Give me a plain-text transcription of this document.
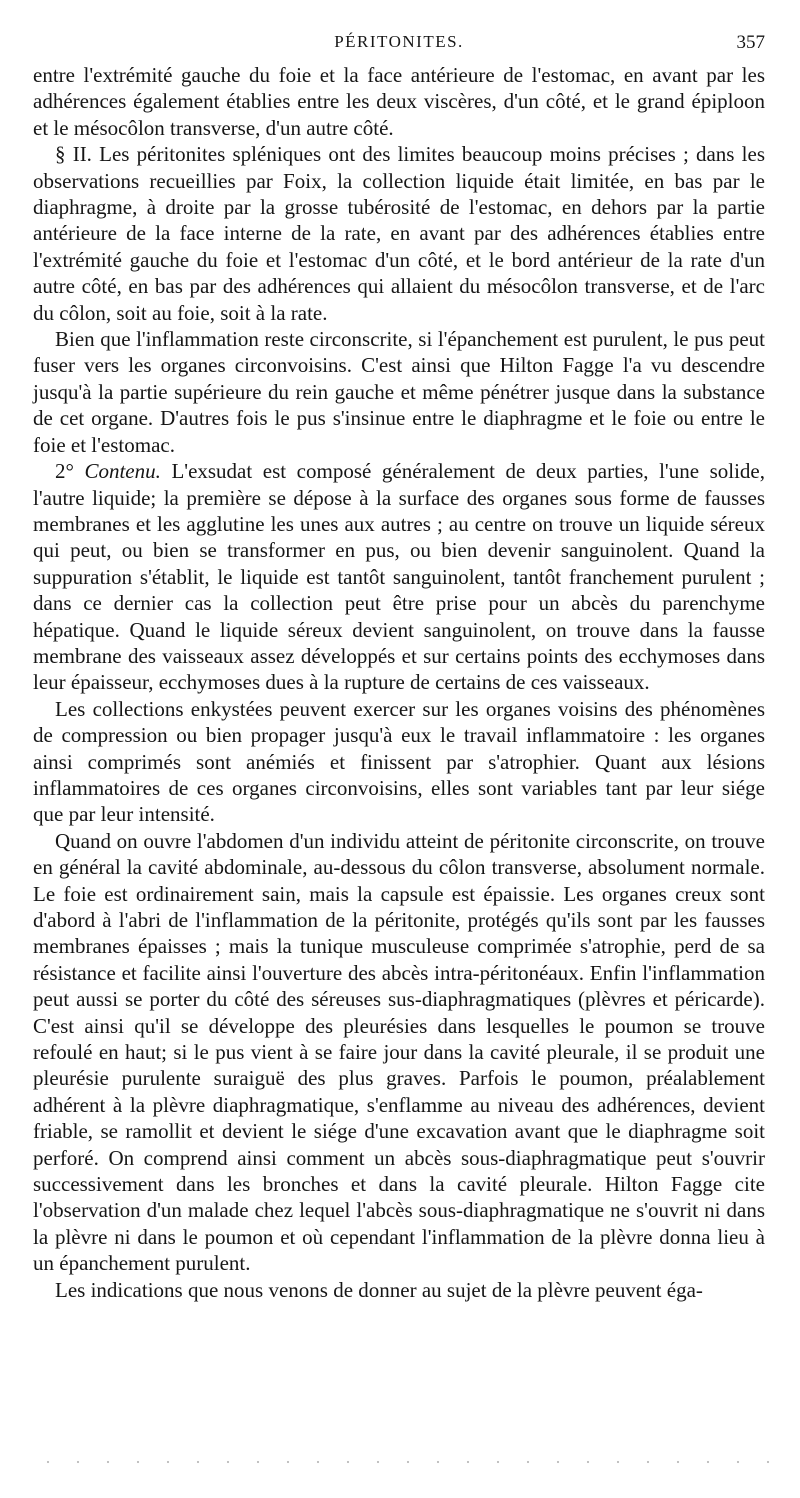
PÉRITONITES.	357

entre l'extrémité gauche du foie et la face antérieure de l'estomac, en avant par les adhérences également établies entre les deux viscères, d'un côté, et le grand épiploon et le mésocôlon transverse, d'un autre côté.

§ II. Les péritonites spléniques ont des limites beaucoup moins précises ; dans les observations recueillies par Foix, la collection liquide était limitée, en bas par le diaphragme, à droite par la grosse tubérosité de l'estomac, en dehors par la partie antérieure de la face interne de la rate, en avant par des adhérences établies entre l'extrémité gauche du foie et l'estomac d'un côté, et le bord antérieur de la rate d'un autre côté, en bas par des adhérences qui allaient du mésocôlon transverse, et de l'arc du côlon, soit au foie, soit à la rate.

Bien que l'inflammation reste circonscrite, si l'épanchement est purulent, le pus peut fuser vers les organes circonvoisins. C'est ainsi que Hilton Fagge l'a vu descendre jusqu'à la partie supérieure du rein gauche et même pénétrer jusque dans la substance de cet organe. D'autres fois le pus s'insinue entre le diaphragme et le foie ou entre le foie et l'estomac.

2° Contenu. L'exsudat est composé généralement de deux parties, l'une solide, l'autre liquide; la première se dépose à la surface des organes sous forme de fausses membranes et les agglutine les unes aux autres ; au centre on trouve un liquide séreux qui peut, ou bien se transformer en pus, ou bien devenir sanguinolent. Quand la suppuration s'établit, le liquide est tantôt sanguinolent, tantôt franchement purulent ; dans ce dernier cas la collection peut être prise pour un abcès du parenchyme hépatique. Quand le liquide séreux devient sanguinolent, on trouve dans la fausse membrane des vaisseaux assez développés et sur certains points des ecchymoses dans leur épaisseur, ecchymoses dues à la rupture de certains de ces vaisseaux.

Les collections enkystées peuvent exercer sur les organes voisins des phénomènes de compression ou bien propager jusqu'à eux le travail inflammatoire : les organes ainsi comprimés sont anémiés et finissent par s'atrophier. Quant aux lésions inflammatoires de ces organes circonvoisins, elles sont variables tant par leur siége que par leur intensité.

Quand on ouvre l'abdomen d'un individu atteint de péritonite circonscrite, on trouve en général la cavité abdominale, au-dessous du côlon transverse, absolument normale. Le foie est ordinairement sain, mais la capsule est épaissie. Les organes creux sont d'abord à l'abri de l'inflammation de la péritonite, protégés qu'ils sont par les fausses membranes épaisses ; mais la tunique musculeuse comprimée s'atrophie, perd de sa résistance et facilite ainsi l'ouverture des abcès intra-péritonéaux. Enfin l'inflammation peut aussi se porter du côté des séreuses sus-diaphragmatiques (plèvres et péricarde). C'est ainsi qu'il se développe des pleurésies dans lesquelles le poumon se trouve refoulé en haut; si le pus vient à se faire jour dans la cavité pleurale, il se produit une pleurésie purulente suraiguë des plus graves. Parfois le poumon, préalablement adhérent à la plèvre diaphragmatique, s'enflamme au niveau des adhérences, devient friable, se ramollit et devient le siége d'une excavation avant que le diaphragme soit perforé. On comprend ainsi comment un abcès sous-diaphragmatique peut s'ouvrir successivement dans les bronches et dans la cavité pleurale. Hilton Fagge cite l'observation d'un malade chez lequel l'abcès sous-diaphragmatique ne s'ouvrit ni dans la plèvre ni dans le poumon et où cependant l'inflammation de la plèvre donna lieu à un épanchement purulent.

Les indications que nous venons de donner au sujet de la plèvre peuvent éga-
